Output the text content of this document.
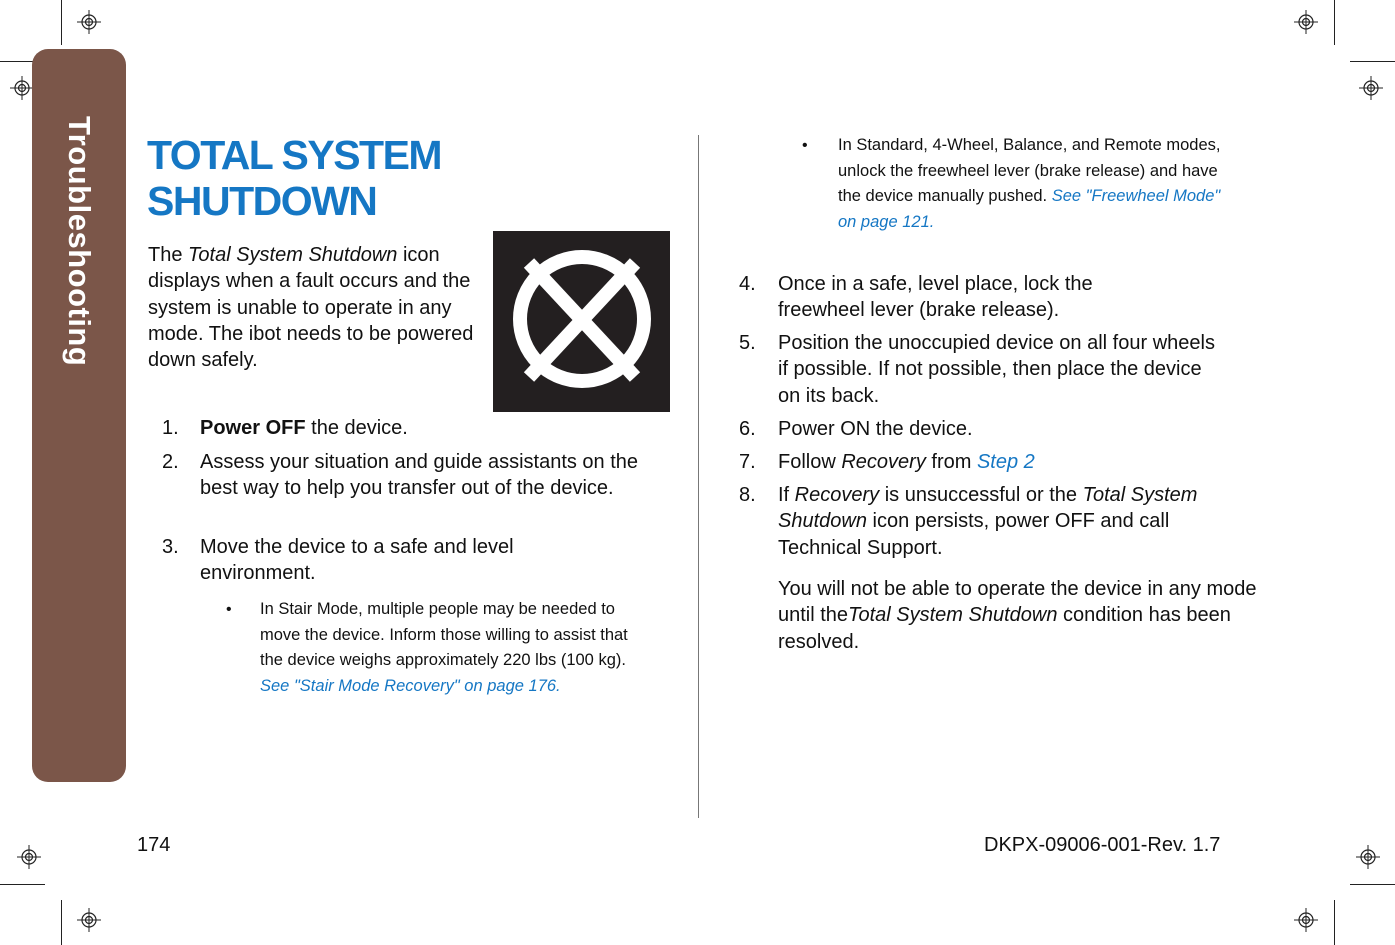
Troubleshooting TOTAL SYSTEM
SHUTDOWN

The Total System Shutdown icon displays when a fault occurs and the system is unable to operate in any mode. The ibot needs to be powered down safely.

1. Power OFF the device.
2. Assess your situation and guide assistants on the best way to help you transfer out of the device.
3. Move the device to a safe and level environment.
• In Stair Mode, multiple people may be needed to move the device. Inform those willing to assist that the device weighs approximately 220 lbs (100 kg). See "Stair Mode Recovery" on page 176.
• In Standard, 4-Wheel, Balance, and Remote modes, unlock the freewheel lever (brake release) and have the device manually pushed. See "Freewheel Mode" on page 121.
4. Once in a safe, level place, lock the freewheel lever (brake release).
5. Position the unoccupied device on all four wheels if possible. If not possible, then place the device on its back.
6. Power ON the device.
7. Follow Recovery from Step 2
8. If Recovery is unsuccessful or the Total System Shutdown icon persists, power OFF and call Technical Support.

You will not be able to operate the device in any mode until theTotal System Shutdown condition has been resolved.

174	DKPX-09006-001-Rev. 1.7
